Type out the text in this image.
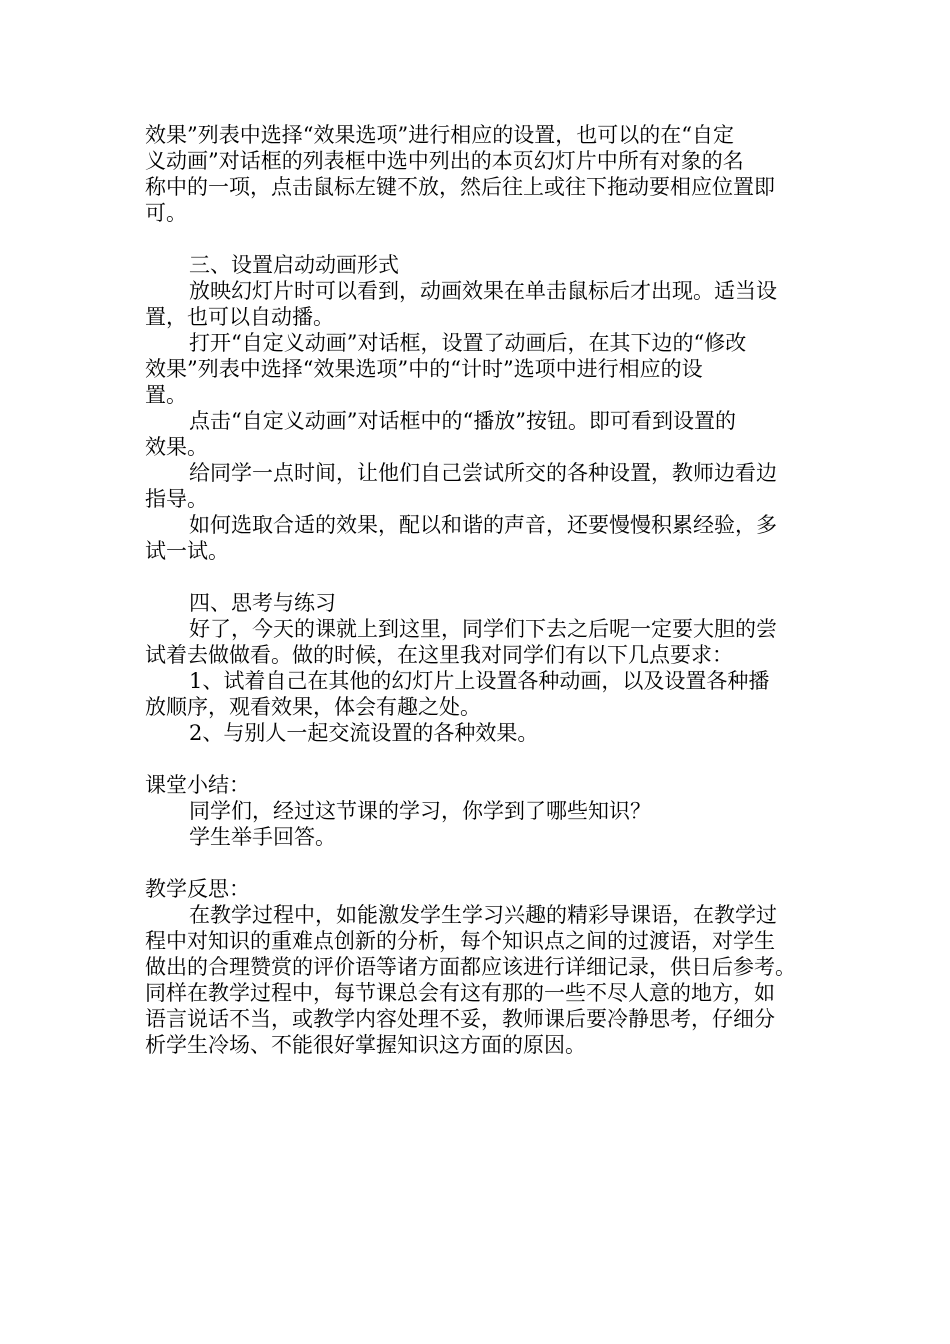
效果”列表中选择“效果选项”进行相应的设置，也可以的在“自定
义动画”对话框的列表框中选中列出的本页幻灯片中所有对象的名
称中的一项，点击鼠标左键不放，然后往上或往下拖动要相应位置即
可。
三、设置启动动画形式
放映幻灯片时可以看到，动画效果在单击鼠标后才出现。适当设
置，也可以自动播。
打开“自定义动画”对话框，设置了动画后，在其下边的“修改
效果”列表中选择“效果选项”中的“计时”选项中进行相应的设
置。
点击“自定义动画”对话框中的“播放”按钮。即可看到设置的
效果。
给同学一点时间，让他们自己尝试所交的各种设置，教师边看边
指导。
如何选取合适的效果，配以和谐的声音，还要慢慢积累经验，多
试一试。
四、思考与练习
好了，今天的课就上到这里，同学们下去之后呢一定要大胆的尝
试着去做做看。做的时候，在这里我对同学们有以下几点要求：
1、试着自己在其他的幻灯片上设置各种动画，以及设置各种播
放顺序，观看效果，体会有趣之处。
2、与别人一起交流设置的各种效果。
课堂小结：
同学们，经过这节课的学习，你学到了哪些知识？
学生举手回答。
教学反思：
在教学过程中，如能激发学生学习兴趣的精彩导课语，在教学过
程中对知识的重难点创新的分析，每个知识点之间的过渡语，对学生
做出的合理赞赏的评价语等诸方面都应该进行详细记录，供日后参考。
同样在教学过程中，每节课总会有这有那的一些不尽人意的地方，如
语言说话不当，或教学内容处理不妥，教师课后要冷静思考，仔细分
析学生冷场、不能很好掌握知识这方面的原因。
